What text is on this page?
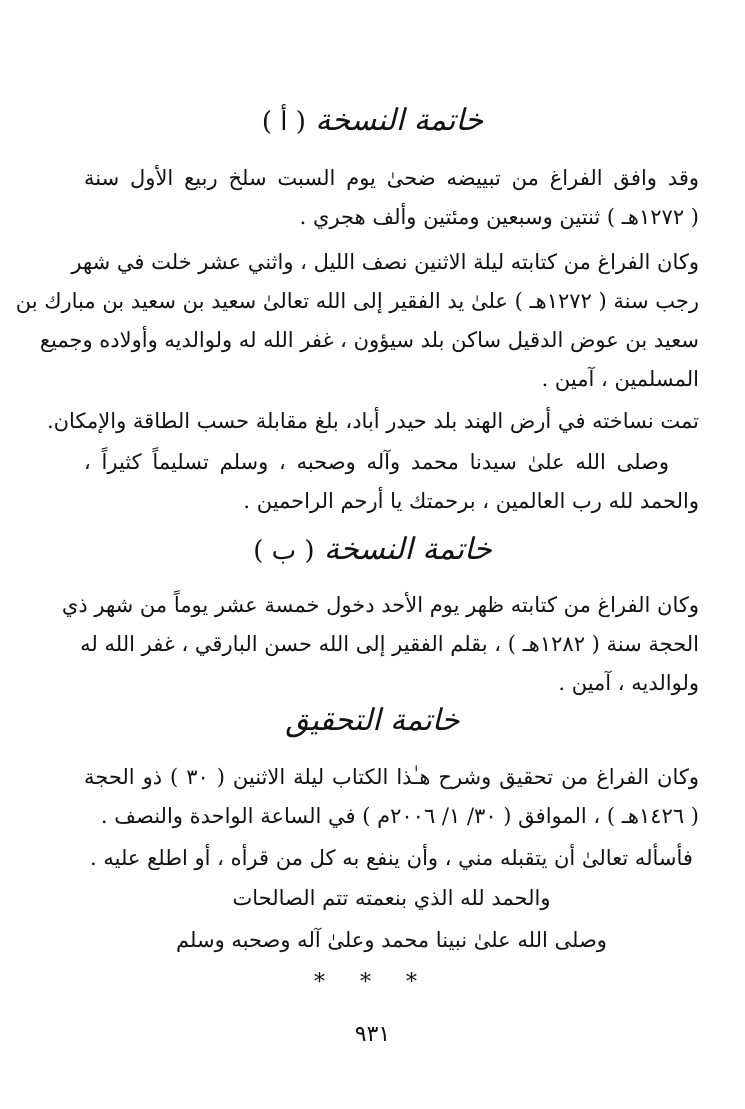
خاتمة النسخة ( أ )
وقد وافق الفراغ من تبييضه ضحىٰ يوم السبت سلخ ربيع الأول سنة
( ١٢٧٢هـ ) ثنتين وسبعين ومئتين وألف هجري .
وكان الفراغ من كتابته ليلة الاثنين نصف الليل ، واثني عشر خلت في شهر
رجب سنة ( ١٢٧٢هـ ) علىٰ يد الفقير إلى الله تعالىٰ سعيد بن سعيد بن مبارك بن
سعيد بن عوض الدقيل ساكن بلد سيؤون ، غفر الله له ولوالديه وأولاده وجميع
المسلمين ، آمين .
تمت نساخته في أرض الهند بلد حيدر أباد، بلغ مقابلة حسب الطاقة والإمكان.
وصلى الله علىٰ سيدنا محمد وآله وصحبه ، وسلم تسليماً كثيراً ،
والحمد لله رب العالمين ، برحمتك يا أرحم الراحمين .
خاتمة النسخة ( ب )
وكان الفراغ من كتابته ظهر يوم الأحد دخول خمسة عشر يوماً من شهر ذي
الحجة سنة ( ١٢٨٢هـ ) ، بقلم الفقير إلى الله حسن البارقي ، غفر الله له
ولوالديه ، آمين .
خاتمة التحقيق
وكان الفراغ من تحقيق وشرح هـٰذا الكتاب ليلة الاثنين ( ٣٠ ) ذو الحجة
( ١٤٢٦هـ ) ، الموافق ( ٣٠/ ١/ ٢٠٠٦م ) في الساعة الواحدة والنصف .
فأسأله تعالىٰ أن يتقبله مني ، وأن ينفع به كل من قرأه ، أو اطلع عليه .
والحمد لله الذي بنعمته تتم الصالحات
وصلى الله علىٰ نبينا محمد وعلىٰ آله وصحبه وسلم
* * *
٩٣١
